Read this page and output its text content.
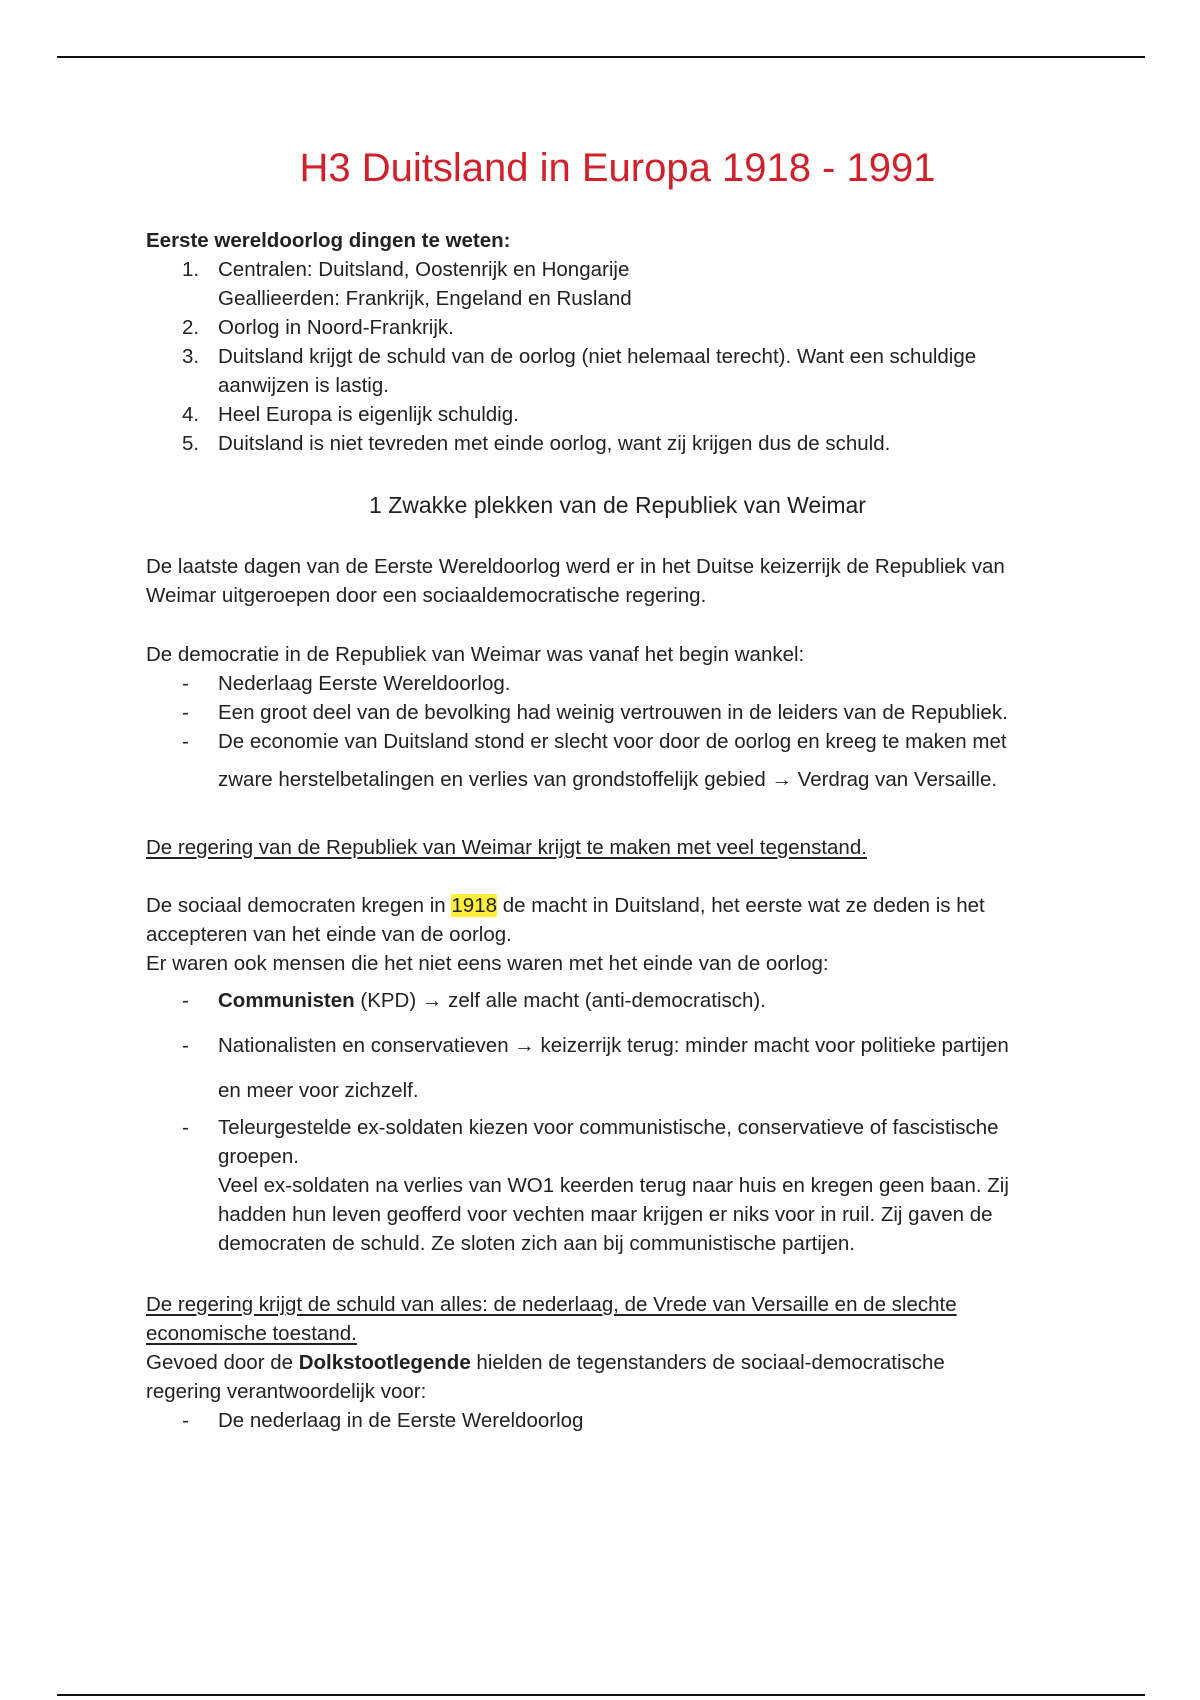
H3 Duitsland in Europa 1918 - 1991

Eerste wereldoorlog dingen te weten:

1. Centralen: Duitsland, Oostenrijk en Hongarije
Geallieerden: Frankrijk, Engeland en Rusland
2. Oorlog in Noord-Frankrijk.
3. Duitsland krijgt de schuld van de oorlog (niet helemaal terecht). Want een schuldige
aanwijzen is lastig.
4. Heel Europa is eigenlijk schuldig.
5. Duitsland is niet tevreden met einde oorlog, want zij krijgen dus de schuld.
1 Zwakke plekken van de Republiek van Weimar
De laatste dagen van de Eerste Wereldoorlog werd er in het Duitse keizerrijk de Republiek van
Weimar uitgeroepen door een sociaaldemocratische regering.
De democratie in de Republiek van Weimar was vanaf het begin wankel:
- Nederlaag Eerste Wereldoorlog.
- Een groot deel van de bevolking had weinig vertrouwen in de leiders van de Republiek.
- De economie van Duitsland stond er slecht voor door de oorlog en kreeg te maken met
zware herstelbetalingen en verlies van grondstoffelijk gebied → Verdrag van Versaille.
De regering van de Republiek van Weimar krijgt te maken met veel tegenstand.
De sociaal democraten kregen in 1918 de macht in Duitsland, het eerste wat ze deden is het
accepteren van het einde van de oorlog.
Er waren ook mensen die het niet eens waren met het einde van de oorlog:
- Communisten (KPD) → zelf alle macht (anti-democratisch).
- Nationalisten en conservatieven → keizerrijk terug: minder macht voor politieke partijen
en meer voor zichzelf.
- Teleurgestelde ex-soldaten kiezen voor communistische, conservatieve of fascistische
groepen.
Veel ex-soldaten na verlies van WO1 keerden terug naar huis en kregen geen baan. Zij
hadden hun leven geofferd voor vechten maar krijgen er niks voor in ruil. Zij gaven de
democraten de schuld. Ze sloten zich aan bij communistische partijen.
De regering krijgt de schuld van alles: de nederlaag, de Vrede van Versaille en de slechte
economische toestand.
Gevoed door de Dolkstootlegende hielden de tegenstanders de sociaal-democratische
regering verantwoordelijk voor:
- De nederlaag in de Eerste Wereldoorlog
